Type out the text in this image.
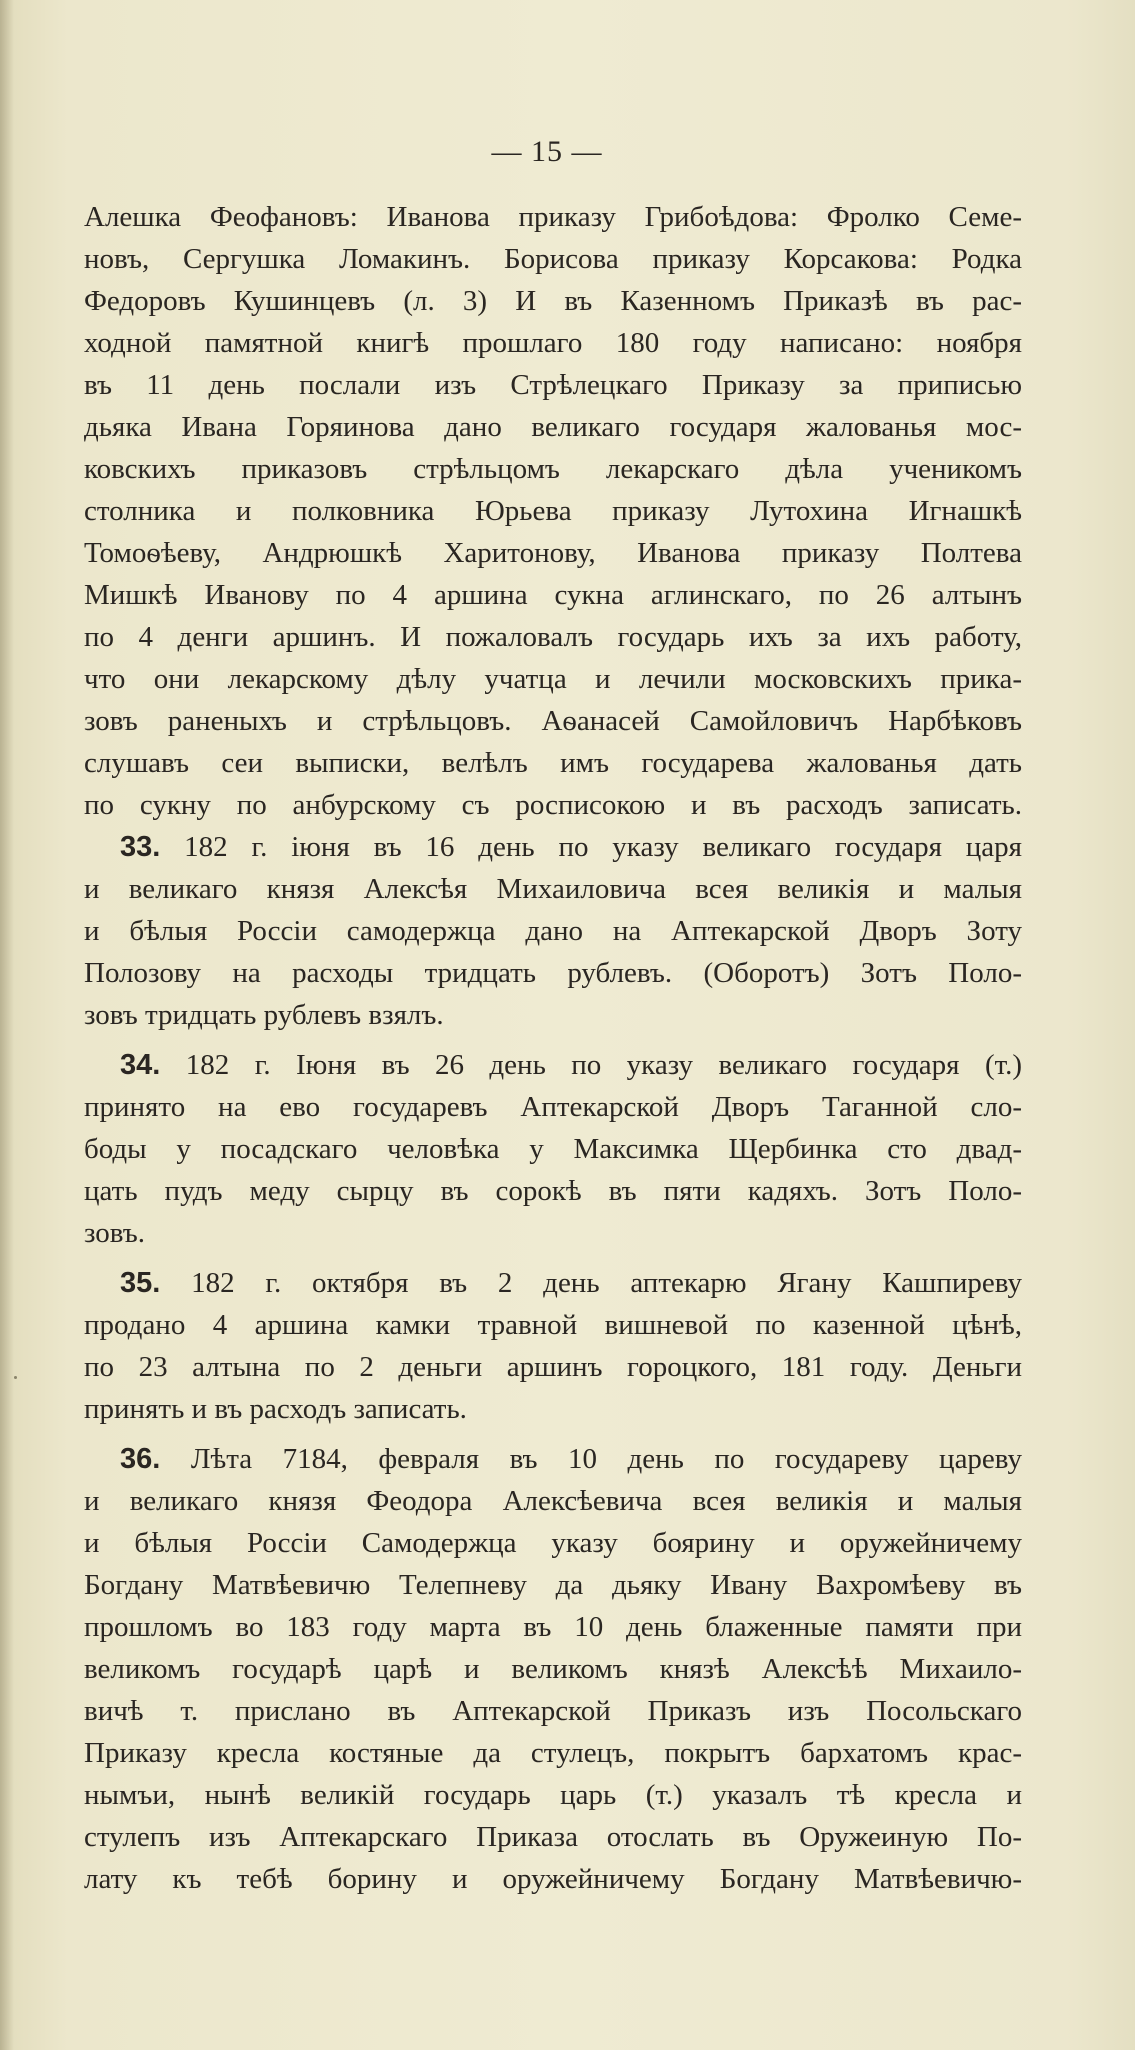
— 15 —
Алешка Феофановъ: Иванова приказу Грибоѣдова: Фролко Семе-
новъ, Сергушка Ломакинъ. Борисова приказу Корсакова: Родка
Федоровъ Кушинцевъ (л. 3) И въ Казенномъ Приказѣ въ рас-
ходной памятной книгѣ прошлаго 180 году написано: ноября
въ 11 день послали изъ Стрѣлецкаго Приказу за приписью
дьяка Ивана Горяинова дано великаго государя жалованья мос-
ковскихъ приказовъ стрѣльцомъ лекарскаго дѣла ученикомъ
столника и полковника Юрьева приказу Лутохина Игнашкѣ
Томоѳѣеву, Андрюшкѣ Харитонову, Иванова приказу Полтева
Мишкѣ Иванову по 4 аршина сукна аглинскаго, по 26 алтынъ
по 4 денги аршинъ. И пожаловалъ государь ихъ за ихъ работу,
что они лекарскому дѣлу учатца и лечили московскихъ прика-
зовъ раненыхъ и стрѣльцовъ. Аѳанасей Самойловичъ Нарбѣковъ
слушавъ сеи выписки, велѣлъ имъ государева жалованья дать
по сукну по анбурскому съ росписокою и въ расходъ записать.
33. 182 г. іюня въ 16 день по указу великаго государя царя
и великаго князя Алексѣя Михаиловича всея великія и малыя
и бѣлыя Россіи самодержца дано на Аптекарской Дворъ Зоту
Полозову на расходы тридцать рублевъ. (Оборотъ) Зотъ Поло-
зовъ тридцать рублевъ взялъ.
34. 182 г. Іюня въ 26 день по указу великаго государя (т.)
принято на ево государевъ Аптекарской Дворъ Таганной сло-
боды у посадскаго человѣка у Максимка Щербинка сто двад-
цать пудъ меду сырцу въ сорокѣ въ пяти кадяхъ. Зотъ Поло-
зовъ.
35. 182 г. октября въ 2 день аптекарю Ягану Кашпиреву
продано 4 аршина камки травной вишневой по казенной цѣнѣ,
по 23 алтына по 2 деньги аршинъ гороцкого, 181 году. Деньги
принять и въ расходъ записать.
36. Лѣта 7184, февраля въ 10 день по государеву цареву
и великаго князя Феодора Алексѣевича всея великія и малыя
и бѣлыя Россіи Самодержца указу боярину и оружейничему
Богдану Матвѣевичю Телепневу да дьяку Ивану Вахромѣеву въ
прошломъ во 183 году марта въ 10 день блаженные памяти при
великомъ государѣ царѣ и великомъ князѣ Алексѣѣ Михаило-
вичѣ т. прислано въ Аптекарской Приказъ изъ Посольскаго
Приказу кресла костяные да стулецъ, покрытъ бархатомъ крас-
нымъи, нынѣ великій государь царь (т.) указалъ тѣ кресла и
стулепъ изъ Аптекарскаго Приказа отослать въ Оружеиную По-
лату къ тебѣ борину и оружейничему Богдану Матвѣевичю-
